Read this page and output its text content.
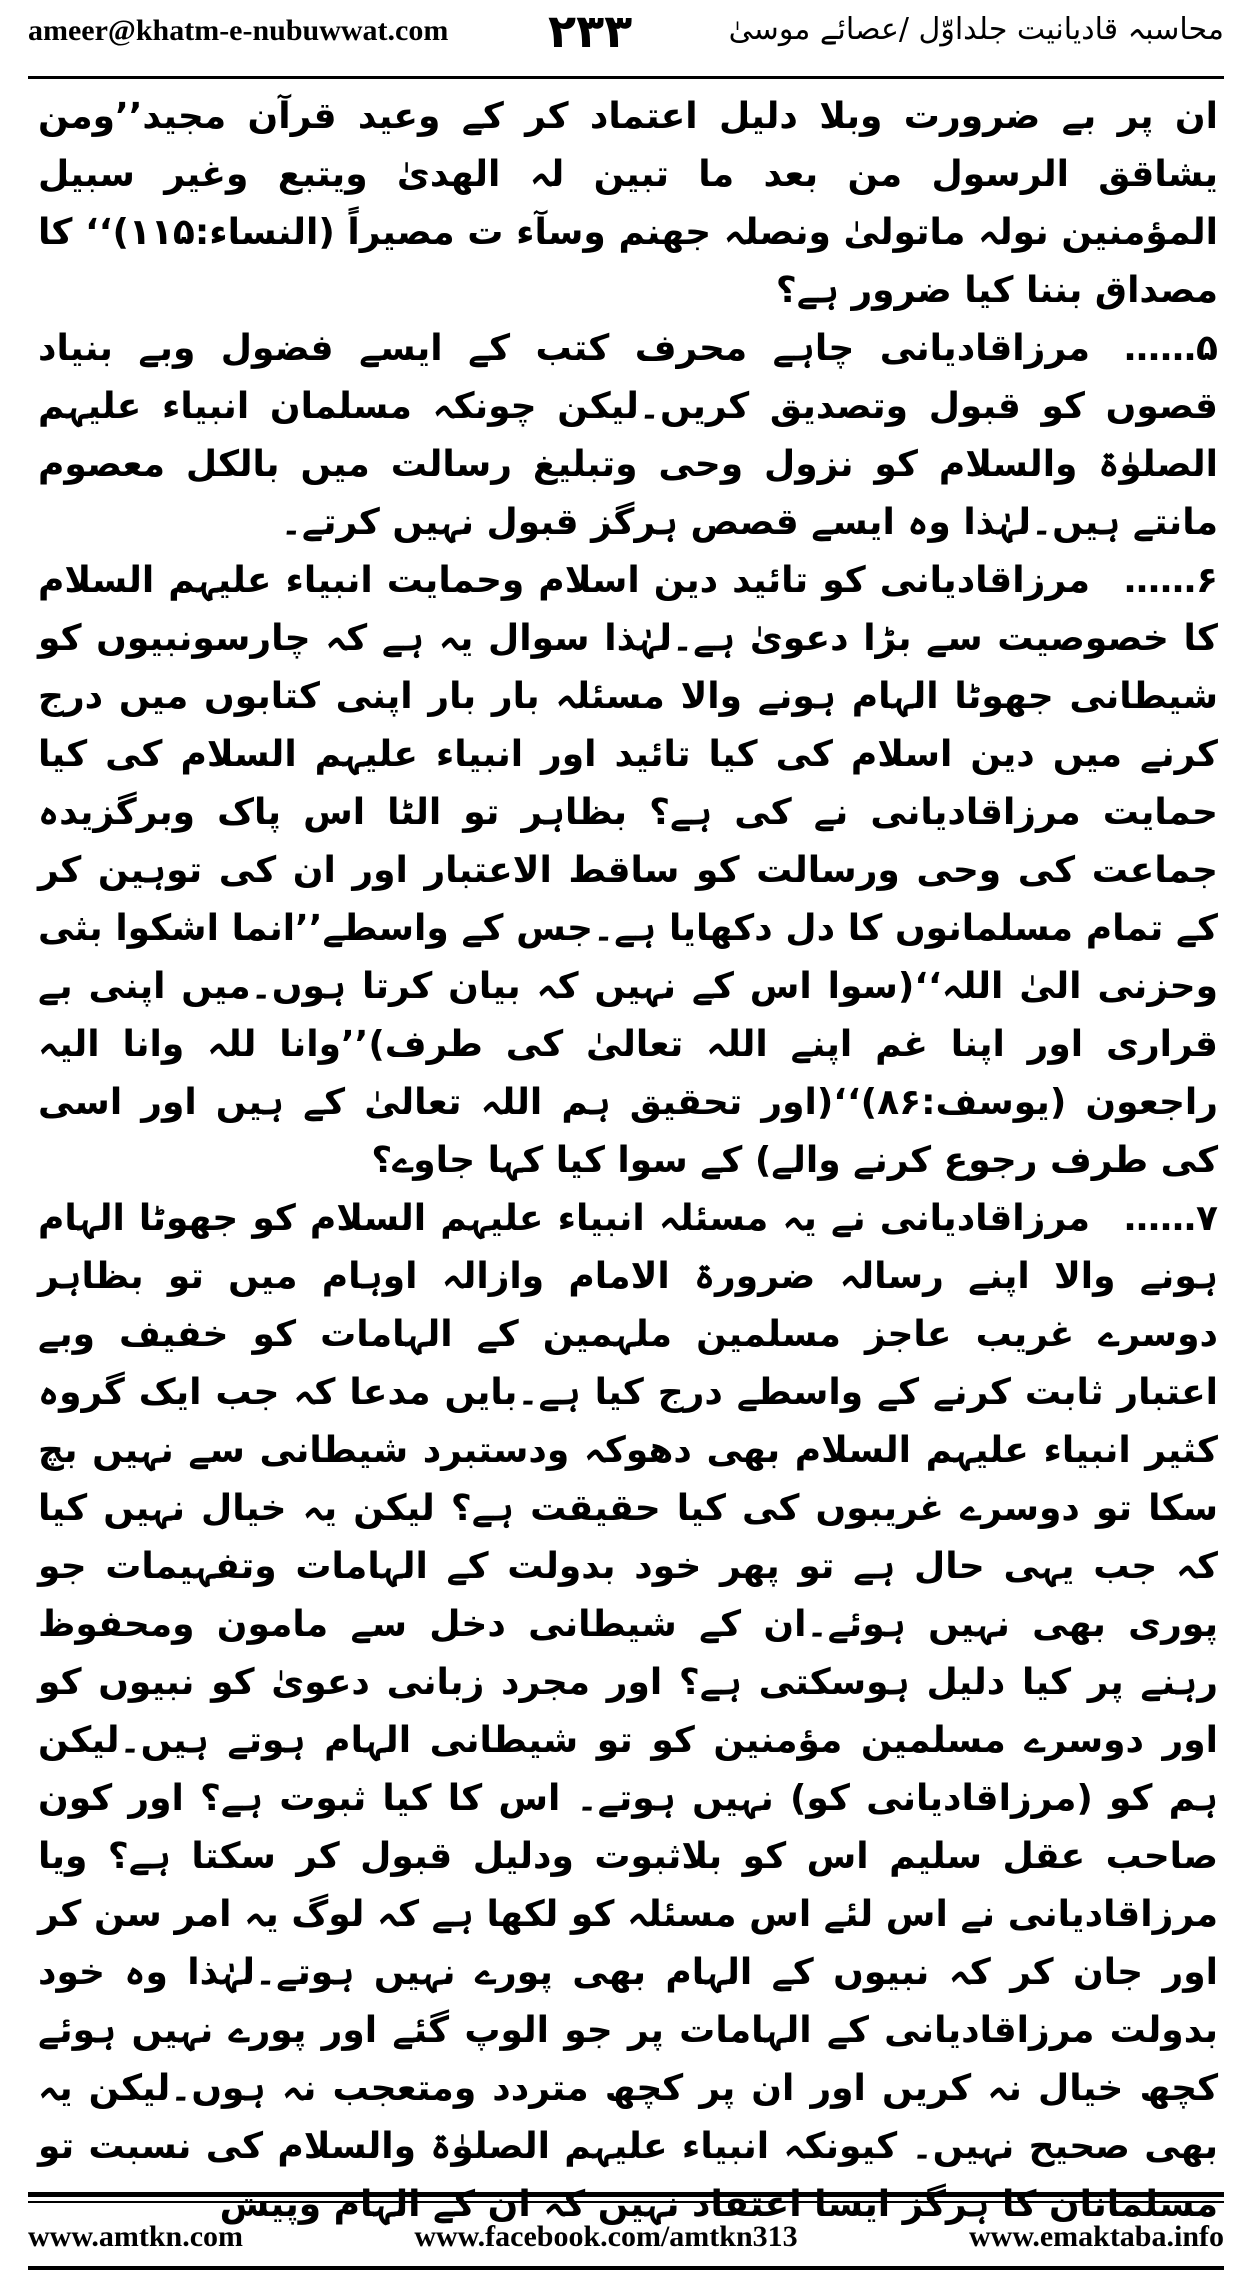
ameer@khatm-e-nubuwwat.com ۲۳۳	محاسبہ قادیانیت جلداوّل /عصائے موسیٰ

ان پر بے ضرورت وبلا دلیل اعتماد کر کے وعید قرآن مجید’’ومن یشاقق الرسول من بعد ما تبین لہ الھدیٰ ویتبع وغیر سبیل المؤمنین نولہ ماتولیٰ ونصلہ جھنم وسآء ت مصیراً (النساء:۱۱۵)‘‘ کا مصداق بننا کیا ضرور ہے؟

۵……مرزاقادیانی چاہے محرف کتب کے ایسے فضول وبے بنیاد قصوں کو قبول وتصدیق کریں۔لیکن چونکہ مسلمان انبیاء علیہم الصلوٰۃ والسلام کو نزول وحی وتبلیغ رسالت میں بالکل معصوم مانتے ہیں۔لہٰذا وہ ایسے قصص ہرگز قبول نہیں کرتے۔

۶……مرزاقادیانی کو تائید دین اسلام وحمایت انبیاء علیہم السلام کا خصوصیت سے بڑا دعویٰ ہے۔لہٰذا سوال یہ ہے کہ چارسونبیوں کو شیطانی جھوٹا الہام ہونے والا مسئلہ بار بار اپنی کتابوں میں درج کرنے میں دین اسلام کی کیا تائید اور انبیاء علیہم السلام کی کیا حمایت مرزاقادیانی نے کی ہے؟ بظاہر تو الٹا اس پاک وبرگزیدہ جماعت کی وحی ورسالت کو ساقط الاعتبار اور ان کی توہین کر کے تمام مسلمانوں کا دل دکھایا ہے۔جس کے واسطے’’انما اشکوا بثی وحزنی الیٰ اللہ‘‘(سوا اس کے نہیں کہ بیان کرتا ہوں۔میں اپنی بے قراری اور اپنا غم اپنے اللہ تعالیٰ کی طرف)’’وانا للہ وانا الیہ راجعون (یوسف:۸۶)‘‘(اور تحقیق ہم اللہ تعالیٰ کے ہیں اور اسی کی طرف رجوع کرنے والے) کے سوا کیا کہا جاوے؟

۷……مرزاقادیانی نے یہ مسئلہ انبیاء علیہم السلام کو جھوٹا الہام ہونے والا اپنے رسالہ ضرورۃ الامام وازالہ اوہام میں تو بظاہر دوسرے غریب عاجز مسلمین ملہمین کے الہامات کو خفیف وبے اعتبار ثابت کرنے کے واسطے درج کیا ہے۔بایں مدعا کہ جب ایک گروہ کثیر انبیاء علیہم السلام بھی دھوکہ ودستبرد شیطانی سے نہیں بچ سکا تو دوسرے غریبوں کی کیا حقیقت ہے؟ لیکن یہ خیال نہیں کیا کہ جب یہی حال ہے تو پھر خود بدولت کے الہامات وتفہیمات جو پوری بھی نہیں ہوئے۔ان کے شیطانی دخل سے مامون ومحفوظ رہنے پر کیا دلیل ہوسکتی ہے؟ اور مجرد زبانی دعویٰ کو نبیوں کو اور دوسرے مسلمین مؤمنین کو تو شیطانی الہام ہوتے ہیں۔لیکن ہم کو (مرزاقادیانی کو) نہیں ہوتے۔ اس کا کیا ثبوت ہے؟ اور کون صاحب عقل سلیم اس کو بلاثبوت ودلیل قبول کر سکتا ہے؟ ویا مرزاقادیانی نے اس لئے اس مسئلہ کو لکھا ہے کہ لوگ یہ امر سن کر اور جان کر کہ نبیوں کے الہام بھی پورے نہیں ہوتے۔لہٰذا وہ خود بدولت مرزاقادیانی کے الہامات پر جو الوپ گئے اور پورے نہیں ہوئے کچھ خیال نہ کریں اور ان پر کچھ متردد ومتعجب نہ ہوں۔لیکن یہ بھی صحیح نہیں۔ کیونکہ انبیاء علیہم الصلوٰۃ والسلام کی نسبت تو مسلمانان کا ہرگز ایسا اعتقاد نہیں کہ ان کے الہام وپیش

www.amtkn.com	www.facebook.com/amtkn313	www.emaktaba.info
